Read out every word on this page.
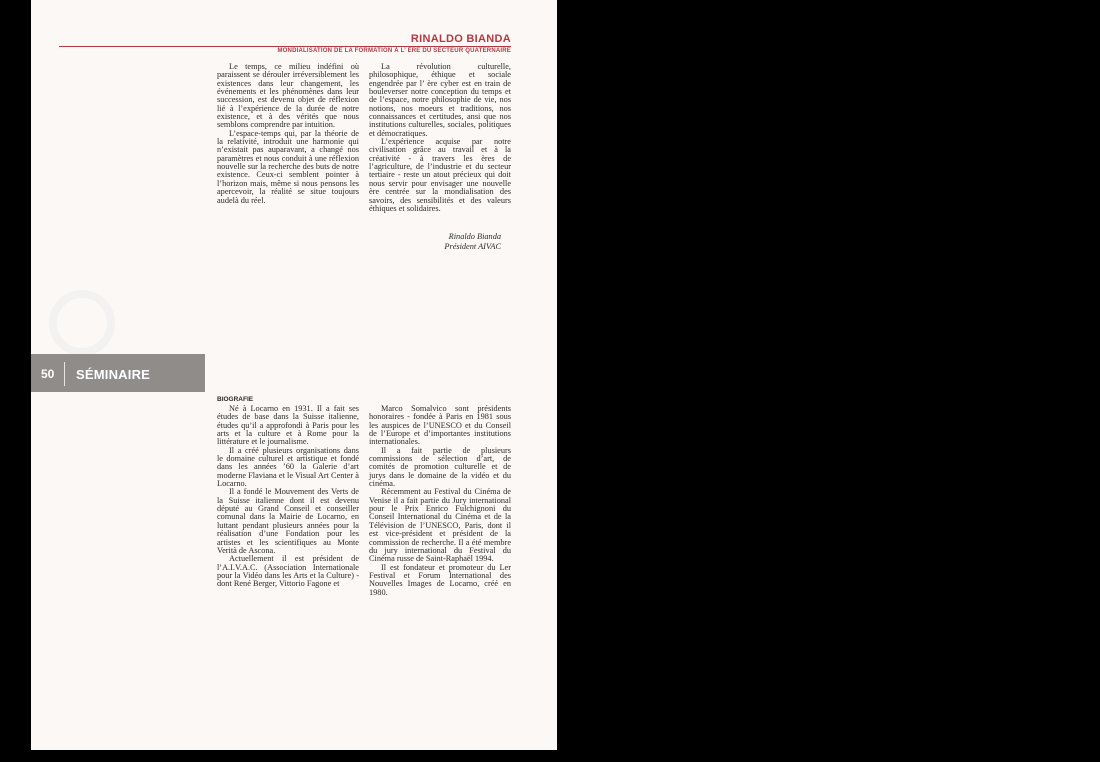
RINALDO BIANDA
MONDIALISATION DE LA FORMATION À L’ ÈRE DU SECTEUR QUATERNAIRE

Le temps, ce milieu indéfini où paraissent se dérouler irréversiblement les existences dans leur changement, les événements et les phénomènes dans leur succession, est devenu objet de réflexion lié à l’expérience de la durée de notre existence, et à des vérités que nous semblons comprendre par intuition.

L’espace-temps qui, par la théorie de la relativité, introduit une harmonie qui n’existait pas auparavant, a changé nos paramètres et nous conduit à une réflexion nouvelle sur la recherche des buts de notre existence. Ceux-ci semblent pointer à l’horizon mais, même si nous pensons les apercevoir, la réalité se situe toujours audelà du réel.

La révolution culturelle, philosophique, éthique et sociale engendrée par l’ ère cyber est en train de bouleverser notre conception du temps et de l’espace, notre philosophie de vie, nos notions, nos moeurs et traditions, nos connaissances et certitudes, ansi que nos institutions culturelles, sociales, politiques et démocratiques.

L’expérience acquise par notre civilisation grâce au travail et à la créativité - à travers les ères de l’agriculture, de l’industrie et du secteur tertiaire - reste un atout précieux qui doit nous servir pour envisager une nouvelle ère centrée sur la mondialisation des savoirs, des sensibilités et des valeurs éthiques et solidaires.

Rinaldo Bianda
Président AIVAC
50 SÉMINAIRE
BIOGRAFIE

Né à Locarno en 1931. Il a fait ses études de base dans la Suisse italienne, études qu’il a approfondi à Paris pour les arts et la culture et à Rome pour la littérature et le journalisme.

Il a créé plusieurs organisations dans le domaine culturel et artistique et fondé dans les années ’60 la Galerie d’art moderne Flaviana et le Visual Art Center à Locarno.

Il a fondé le Mouvement des Verts de la Suisse italienne dont il est devenu député au Grand Conseil et conseiller comunal dans la Mairie de Locarno, en luttant pendant plusieurs années pour la réalisation d’une Fondation pour les artistes et les scientifiques au Monte Verità de Ascona.

Actuellement il est président de l’A.I.V.A.C. (Association Internationale pour la Vidéo dans les Arts et la Culture) - dont René Berger, Vittorio Fagone et

Marco Somalvico sont présidents honoraires - fondée à Paris en 1981 sous les auspices de l’UNESCO et du Conseil de l’Europe et d’importantes institutions internationales.

Il a fait partie de plusieurs commissions de sélection d’art, de comités de promotion culturelle et de jurys dans le domaine de la vidéo et du cinéma.

Récemment au Festival du Cinéma de Venise il a fait partie du Jury international pour le Prix Enrico Fulchignoni du Conseil International du Cinéma et de la Télévision de l’UNESCO, Paris, dont il est vice-président et président de la commission de recherche. Il a été membre du jury international du Festival du Cinéma russe de Saint-Raphaël 1994.

Il est fondateur et promoteur du Ler Festival et Forum International des Nouvelles Images de Locarno, créé en 1980.
